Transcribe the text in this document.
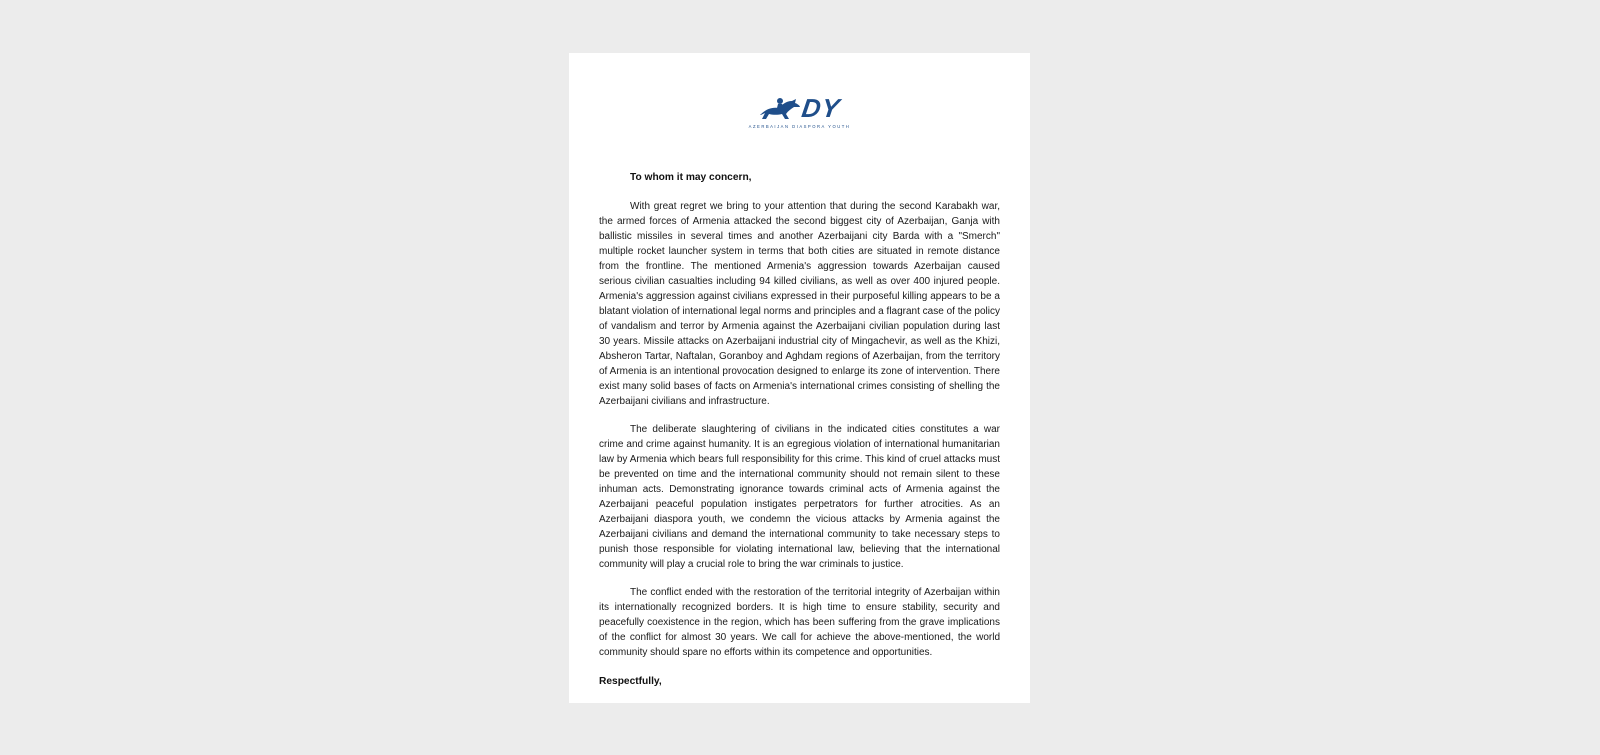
DY
AZERBAIJAN DIASPORA YOUTH

To whom it may concern,

With great regret we bring to your attention that during the second Karabakh war, the armed forces of Armenia attacked the second biggest city of Azerbaijan, Ganja with ballistic missiles in several times and another Azerbaijani city Barda with a "Smerch" multiple rocket launcher system in terms that both cities are situated in remote distance from the frontline. The mentioned Armenia's aggression towards Azerbaijan caused serious civilian casualties including 94 killed civilians, as well as over 400 injured people. Armenia's aggression against civilians expressed in their purposeful killing appears to be a blatant violation of international legal norms and principles and a flagrant case of the policy of vandalism and terror by Armenia against the Azerbaijani civilian population during last 30 years. Missile attacks on Azerbaijani industrial city of Mingachevir, as well as the Khizi, Absheron Tartar, Naftalan, Goranboy and Aghdam regions of Azerbaijan, from the territory of Armenia is an intentional provocation designed to enlarge its zone of intervention. There exist many solid bases of facts on Armenia's international crimes consisting of shelling the Azerbaijani civilians and infrastructure.

The deliberate slaughtering of civilians in the indicated cities constitutes a war crime and crime against humanity. It is an egregious violation of international humanitarian law by Armenia which bears full responsibility for this crime. This kind of cruel attacks must be prevented on time and the international community should not remain silent to these inhuman acts. Demonstrating ignorance towards criminal acts of Armenia against the Azerbaijani peaceful population instigates perpetrators for further atrocities. As an Azerbaijani diaspora youth, we condemn the vicious attacks by Armenia against the Azerbaijani civilians and demand the international community to take necessary steps to punish those responsible for violating international law, believing that the international community will play a crucial role to bring the war criminals to justice.

The conflict ended with the restoration of the territorial integrity of Azerbaijan within its internationally recognized borders. It is high time to ensure stability, security and peacefully coexistence in the region, which has been suffering from the grave implications of the conflict for almost 30 years. We call for achieve the above-mentioned, the world community should spare no efforts within its competence and opportunities.

Respectfully,
